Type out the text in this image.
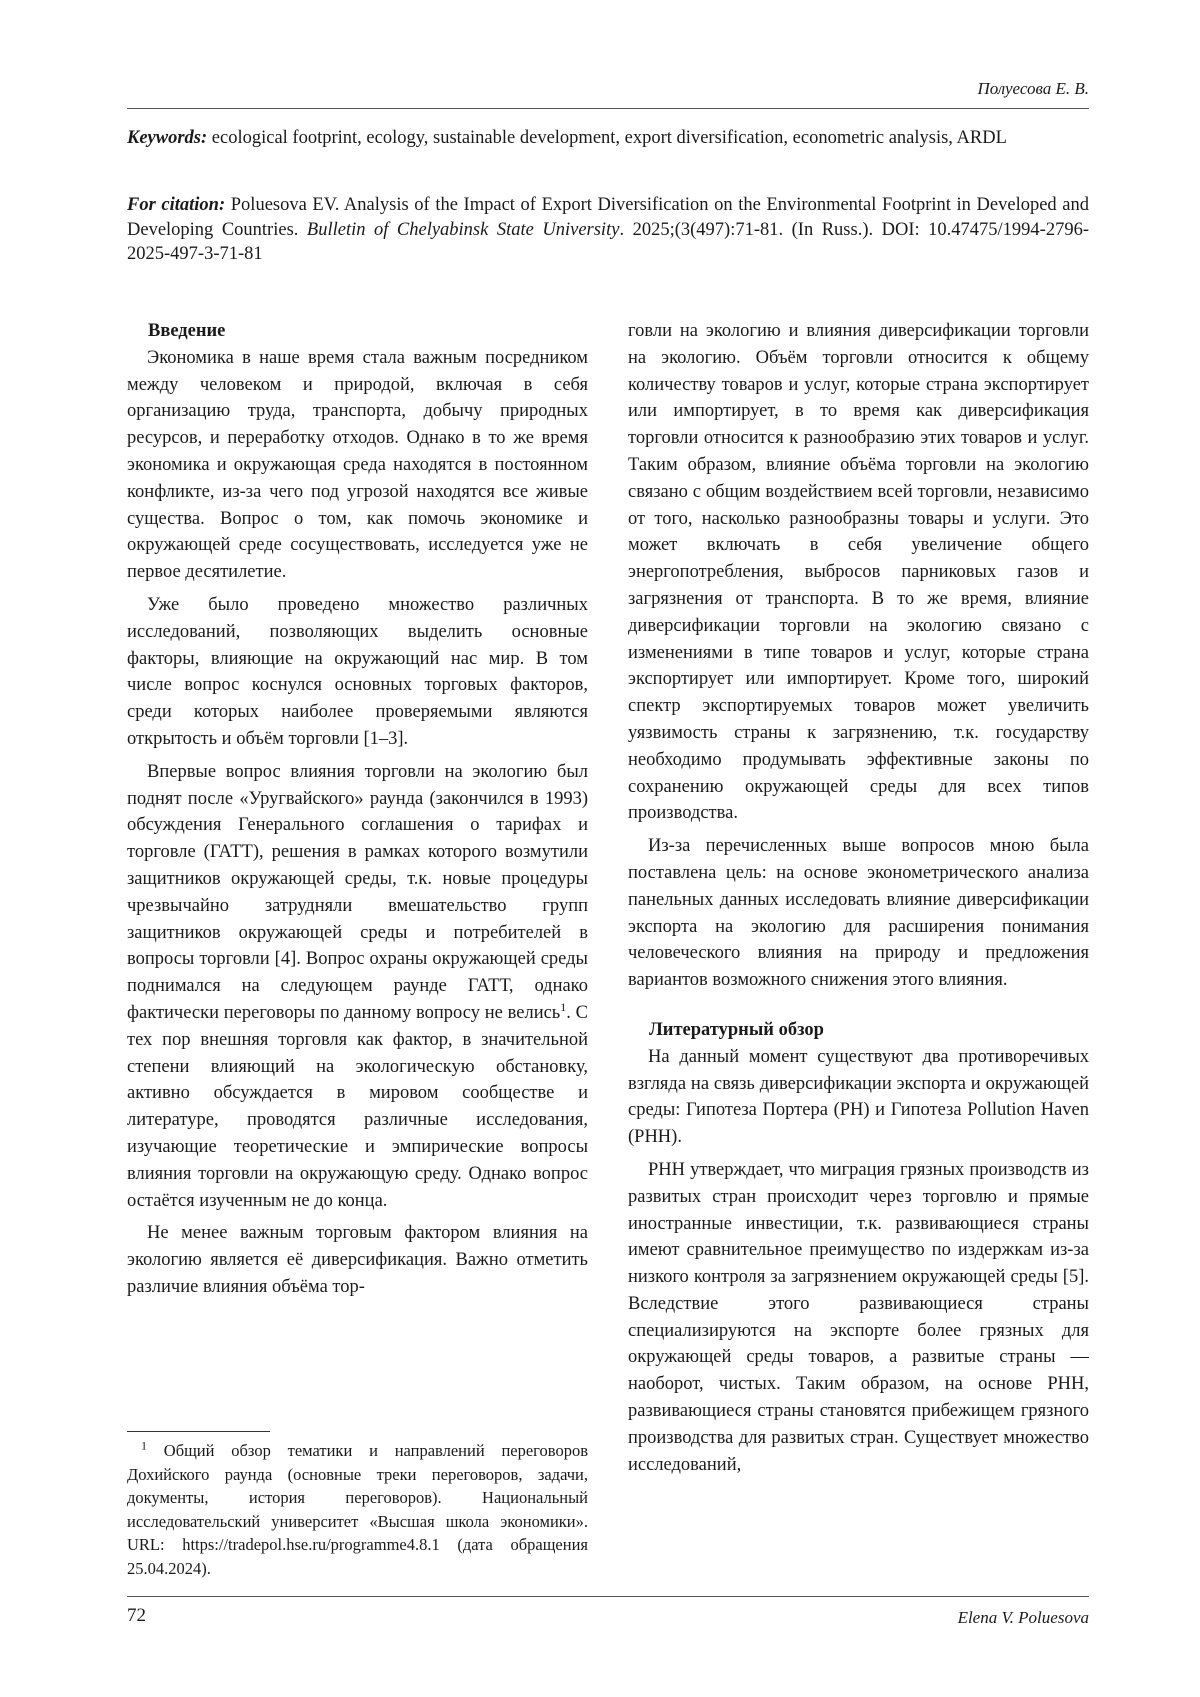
Полуесова Е. В.
Keywords: ecological footprint, ecology, sustainable development, export diversification, econometric analysis, ARDL
For citation: Poluesova EV. Analysis of the Impact of Export Diversification on the Environmental Footprint in Developed and Developing Countries. Bulletin of Chelyabinsk State University. 2025;(3(497):71-81. (In Russ.). DOI: 10.47475/1994-2796-2025-497-3-71-81
Введение

Экономика в наше время стала важным посредником между человеком и природой, включая в себя организацию труда, транспорта, добычу природных ресурсов, и переработку отходов. Однако в то же время экономика и окружающая среда находятся в постоянном конфликте, из-за чего под угрозой находятся все живые существа. Вопрос о том, как помочь экономике и окружающей среде сосуществовать, исследуется уже не первое десятилетие.

Уже было проведено множество различных исследований, позволяющих выделить основные факторы, влияющие на окружающий нас мир. В том числе вопрос коснулся основных торговых факторов, среди которых наиболее проверяемыми являются открытость и объём торговли [1–3].

Впервые вопрос влияния торговли на экологию был поднят после «Уругвайского» раунда (закончился в 1993) обсуждения Генерального соглашения о тарифах и торговле (ГАТТ), решения в рамках которого возмутили защитников окружающей среды, т.к. новые процедуры чрезвычайно затрудняли вмешательство групп защитников окружающей среды и потребителей в вопросы торговли [4]. Вопрос охраны окружающей среды поднимался на следующем раунде ГАТТ, однако фактически переговоры по данному вопросу не велись$^1$. С тех пор внешняя торговля как фактор, в значительной степени влияющий на экологическую обстановку, активно обсуждается в мировом сообществе и литературе, проводятся различные исследования, изучающие теоретические и эмпирические вопросы влияния торговли на окружающую среду. Однако вопрос остаётся изученным не до конца.

Не менее важным торговым фактором влияния на экологию является её диверсификация. Важно отметить различие влияния объёма тор-

говли на экологию и влияния диверсификации торговли на экологию. Объём торговли относится к общему количеству товаров и услуг, которые страна экспортирует или импортирует, в то время как диверсификация торговли относится к разнообразию этих товаров и услуг. Таким образом, влияние объёма торговли на экологию связано с общим воздействием всей торговли, независимо от того, насколько разнообразны товары и услуги. Это может включать в себя увеличение общего энергопотребления, выбросов парниковых газов и загрязнения от транспорта. В то же время, влияние диверсификации торговли на экологию связано с изменениями в типе товаров и услуг, которые страна экспортирует или импортирует. Кроме того, широкий спектр экспортируемых товаров может увеличить уязвимость страны к загрязнению, т.к. государству необходимо продумывать эффективные законы по сохранению окружающей среды для всех типов производства.

Из-за перечисленных выше вопросов мною была поставлена цель: на основе эконометрического анализа панельных данных исследовать влияние диверсификации экспорта на экологию для расширения понимания человеческого влияния на природу и предложения вариантов возможного снижения этого влияния.

Литературный обзор

На данный момент существуют два противоречивых взгляда на связь диверсификации экспорта и окружающей среды: Гипотеза Портера (PH) и Гипотеза Pollution Haven (PHH).

PHH утверждает, что миграция грязных производств из развитых стран происходит через торговлю и прямые иностранные инвестиции, т.к. развивающиеся страны имеют сравнительное преимущество по издержкам из-за низкого контроля за загрязнением окружающей среды [5]. Вследствие этого развивающиеся страны специализируются на экспорте более грязных для окружающей среды товаров, а развитые страны — наоборот, чистых. Таким образом, на основе PHH, развивающиеся страны становятся прибежищем грязного производства для развитых стран. Существует множество исследований,

$^1$ Общий обзор тематики и направлений переговоров Дохийского раунда (основные треки переговоров, задачи, документы, история переговоров). Национальный исследовательский университет «Высшая школа экономики». URL: https://tradepol.hse.ru/programme4.8.1 (дата обращения 25.04.2024).

72	Elena V. Poluesova
